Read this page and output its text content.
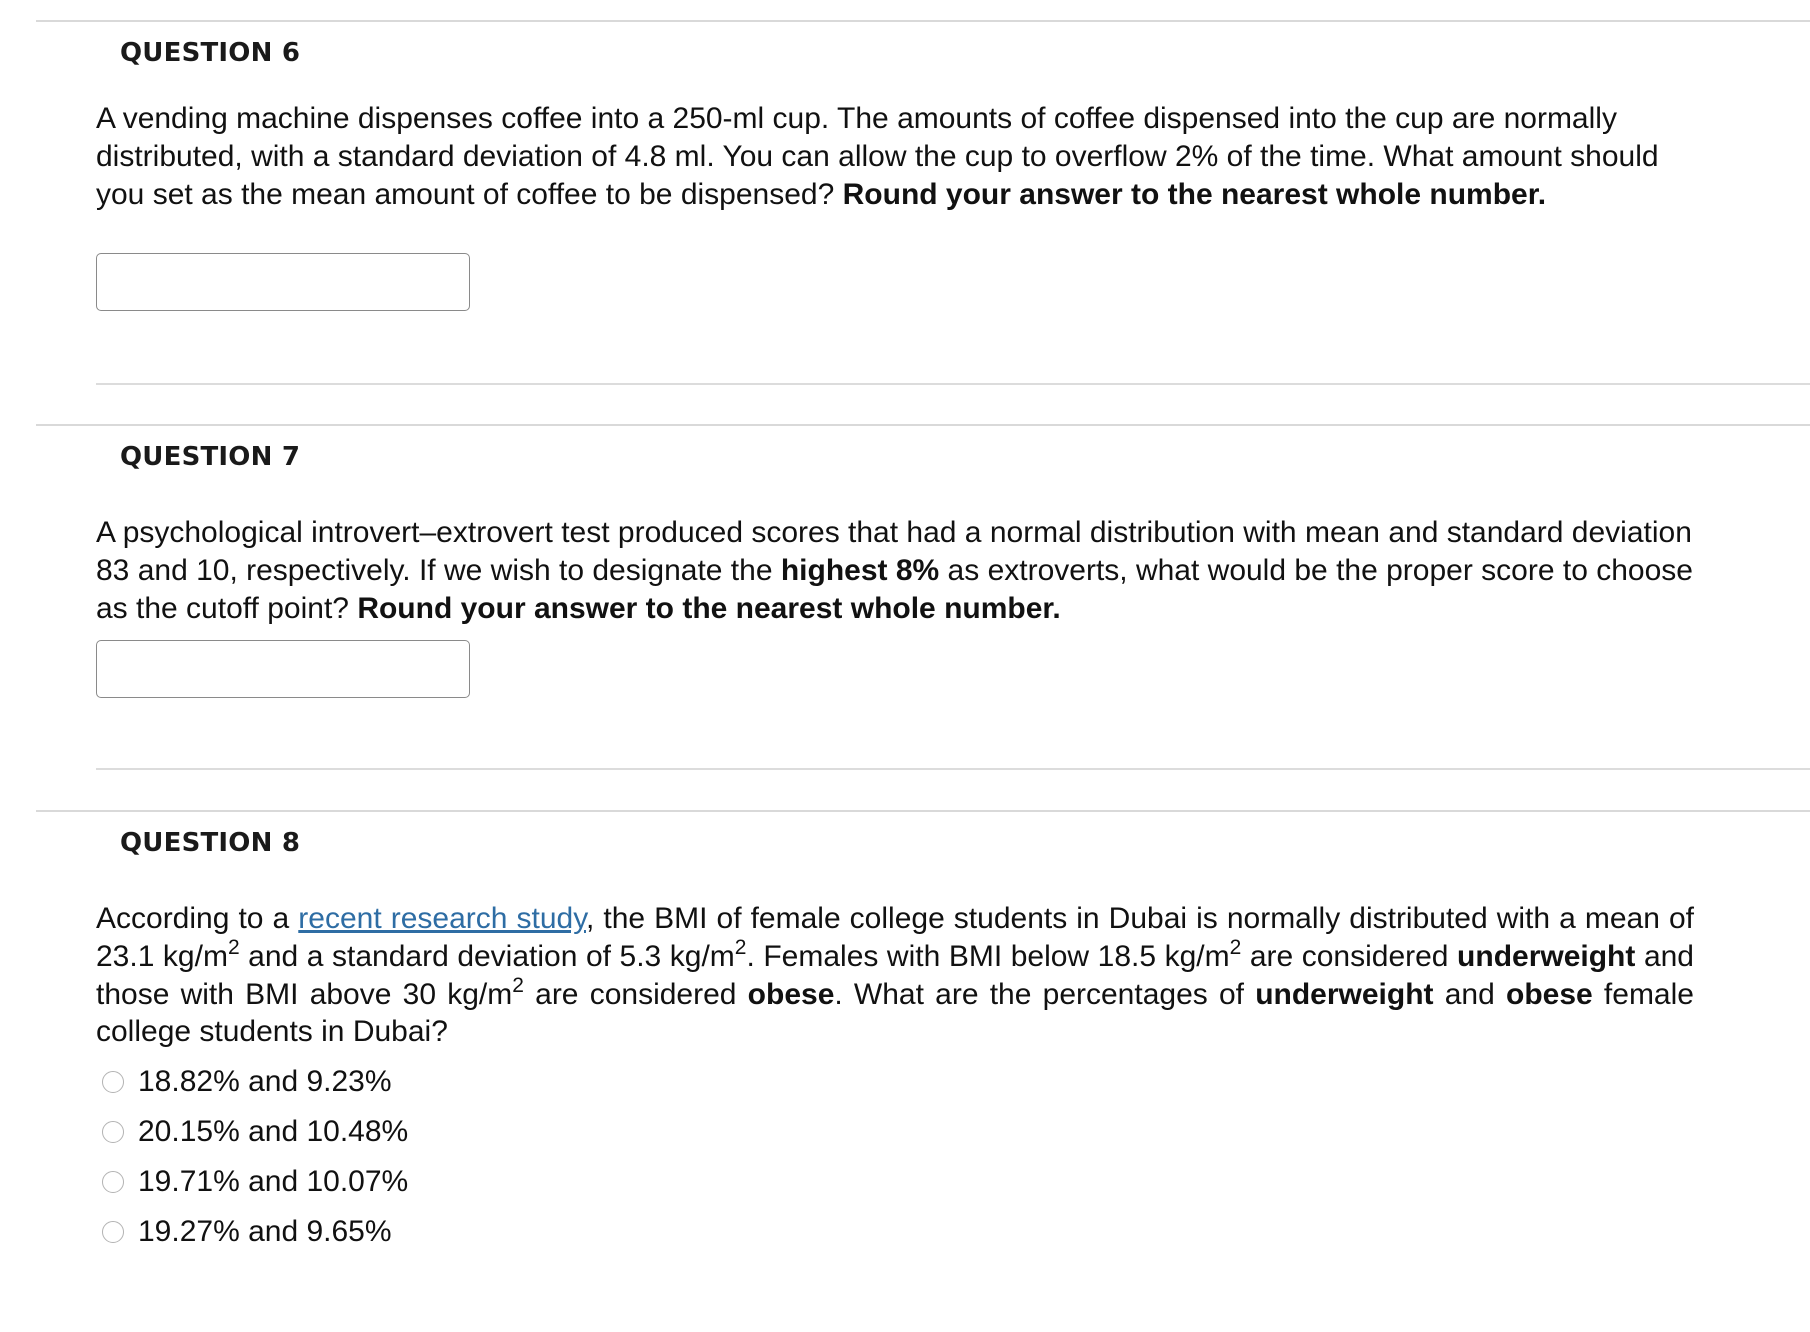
QUESTION 6
A vending machine dispenses coffee into a 250-ml cup. The amounts of coffee dispensed into the cup are normally distributed, with a standard deviation of 4.8 ml. You can allow the cup to overflow 2% of the time. What amount should you set as the mean amount of coffee to be dispensed? Round your answer to the nearest whole number.
QUESTION 7
A psychological introvert–extrovert test produced scores that had a normal distribution with mean and standard deviation 83 and 10, respectively. If we wish to designate the highest 8% as extroverts, what would be the proper score to choose as the cutoff point? Round your answer to the nearest whole number.
QUESTION 8
According to a recent research study, the BMI of female college students in Dubai is normally distributed with a mean of 23.1 $kg/m^2$ and a standard deviation of 5.3 $kg/m^2$. Females with BMI below 18.5 $kg/m^2$ are considered underweight and those with BMI above 30 $kg/m^2$ are considered obese. What are the percentages of underweight and obese female college students in Dubai?
18.82% and 9.23%
20.15% and 10.48%
19.71% and 10.07%
19.27% and 9.65%
